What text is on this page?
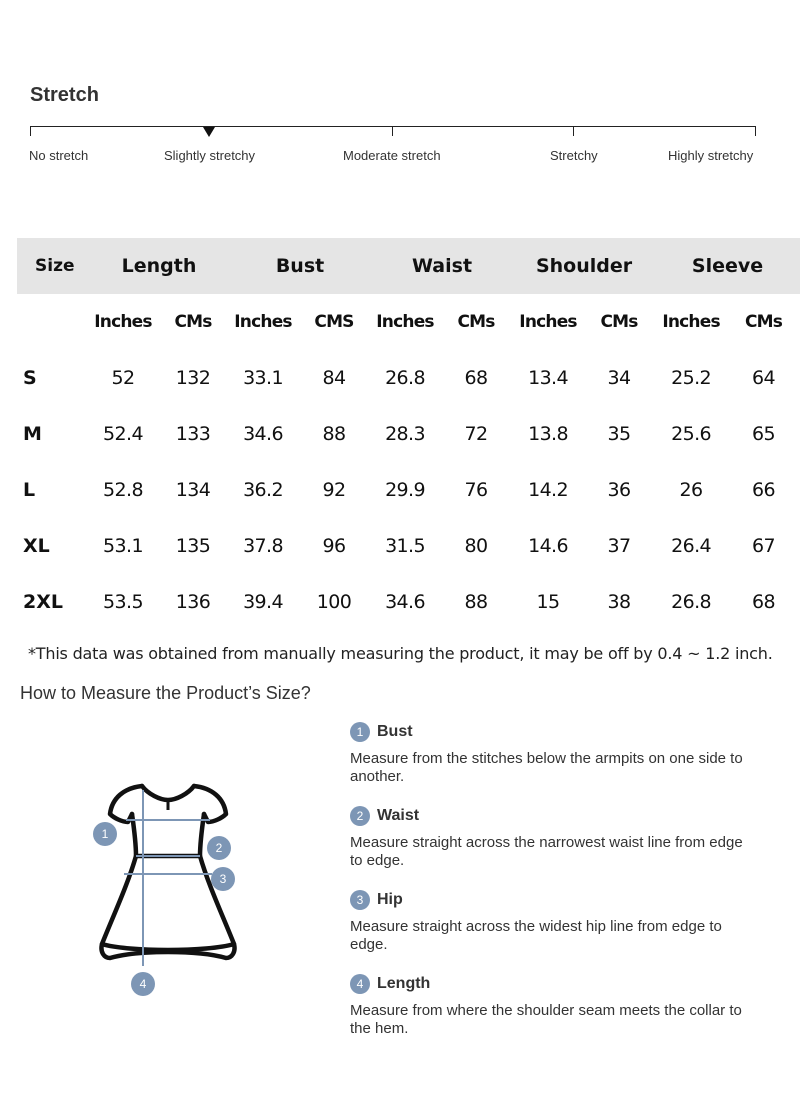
Stretch
No stretch	Slightly stretchy	Moderate stretch	Stretchy	Highly stretchy
Size	Length		Bust		Waist		Shoulder		Sleeve	
	Inches	CMs	Inches	CMS	Inches	CMs	Inches	CMs	Inches	CMs
S	52	132	33.1	84	26.8	68	13.4	34	25.2	64
M	52.4	133	34.6	88	28.3	72	13.8	35	25.6	65
L	52.8	134	36.2	92	29.9	76	14.2	36	26	66
XL	53.1	135	37.8	96	31.5	80	14.6	37	26.4	67
2XL	53.5	136	39.4	100	34.6	88	15	38	26.8	68
*This data was obtained from manually measuring the product, it may be off by 0.4 ~ 1.2 inch.
How to Measure the Product’s Size?
1
2
3
4
1 Bust
Measure from the stitches below the armpits on one side to another.
2 Waist
Measure straight across the narrowest waist line from edge to edge.
3 Hip
Measure straight across the widest hip line from edge to edge.
4 Length
Measure from where the shoulder seam meets the collar to the hem.
